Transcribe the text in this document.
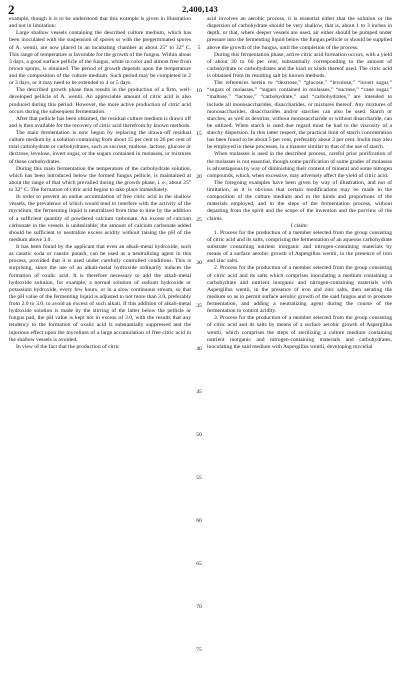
2	2,400,143

example, though it is to be understood that this example is given in illustration and not in limitation:

Large shallow vessels containing the described culture medium, which has been inoculated with the suspension of spores or with the pregerminated spores of A. wentii, are now placed in an incubating chamber at about 25° to 32° C. This range of temperature is favorable for the growth of the fungus. Within about 3 days, a good surface pellicle of the fungus, white in color and almost free from brown spores, is obtained. The period of growth depends upon the temperature and the composition of the culture medium. Such period may be completed in 2 or 3 days, or it may need to be extended to 4 or 5 days.

The described growth phase thus results in the production of a firm, well-developed pellicle of A. wentii. An appreciable amount of citric acid is also produced during this period. However, the more active production of citric acid occurs during the subsequent fermentation.

After that pellicle has been obtained, the residual culture medium is drawn off and is then available for the recovery of citric acid therefrom by known methods.

The main fermentation is now begun by replacing the drawn-off residual culture medium by a solution containing from about 15 per cent to 20 per cent of total carbohydrate or carbohydrates, such as sucrose, maltose, lactose, glucose or dextrose, levulose, invert sugar, or the sugars contained in molasses, or mixtures of these carbohydrates.

During this main fermentation the temperature of the carbohydrate solution, which has been introduced below the formed fungus pellicle, is maintained at about the range of that which prevailed during the growth phase, i. e., about 25° to 32° C. The formation of citric acid begins to take place immediately.

In order to prevent an undue accumulation of free citric acid in the shallow vessels, the prevalence of which would tend to interfere with the activity of the mycelium, the fermenting liquid is neutralized from time to time by the addition of a sufficient quantity of powdered calcium carbonate. An excess of calcium carbonate in the vessels is undesirable; the amount of calcium carbonate added should be sufficient to neutralize excess acidity without raising the pH of the medium above 3.0.

It has been found by the applicant that even an alkali-metal hydroxide, such as caustic soda or caustic potash, can be used as a neutralizing agent in this process, provided that it is used under carefully controlled conditions. This is surprising, since the use of an alkali-metal hydroxide ordinarily induces the formation of oxalic acid. It is therefore necessary to add the alkali-metal hydroxide solution, for example, a normal solution of sodium hydroxide or potassium hydroxide, every few hours, or in a slow continuous stream, so that the pH value of the fermenting liquid is adjusted to not more than 3.0, preferably from 2.0 to 3.0, to avoid an excess of such alkali. If this addition of alkali-metal hydroxide solution is made by the stirring of the latter below the pellicle or fungus pad, the pH value is kept not in excess of 3.0, with the results that any tendency to the formation of oxalic acid is substantially suppressed and the injurious effect upon the mycelium of a large accumulation of free citric acid in the shallow vessels is avoided.

In view of the fact that the production of citric

5
10
15
20
25
30
35
40
45
50
55
60
65
70
75

acid involves an aerobic process, it is essential either that the solution or the dispersion of carbohydrate should be very shallow, that is, about 1 to 3 inches in depth, or that, where deeper vessels are used, air either should be pumped under pressure into the fermenting liquid below the fungus pellicle or should be supplied above the growth of the fungus, until the completion of the process.

During this fermentation phase, active citric acid formation occurs, with a yield of about 30 to 60 per cent, substantially corresponding to the amount of carbohydrate or carbohydrates and the kind or kinds thereof used. The citric acid is obtained from its resulting salt by known methods.

The references herein to “dextrose,” “glucose,” “levulose,” “invert sugar,” “sugars of molasses,” “sugars contained in molasses,” “sucrose,” “cane sugar,” “maltose,” “lactose,” “carbohydrate,” and “carbohydrates,” are intended to include all monosaccharides, disaccharides, or mixtures thereof. Any mixtures of monosaccharides, disaccharides and/or starches can also be used. Starch or starches, as well as dextrins, without monosaccharide or without disaccharide, can be utilized. When starch is used due regard must be had to the viscosity of a starchy dispersion. In this latter respect, the practical limit of starch concentration has been found to be about 5 per cent, preferably about 3 per cent. Inulin may also be employed in these processes, in a manner similar to that of the use of starch.

When molasses is used in the described process, careful prior purification of the molasses is not essential, though some purification of some grades of molasses is advantageous by way of diminishing their content of mineral and some nitrogen compounds, which, when excessive, may adversely affect the yield of citric acid.

The foregoing examples have been given by way of illustration, and not of limitation, as it is obvious that certain modifications may be made in the composition of the culture medium and in the kinds and proportions of the materials employed, and in the steps of the fermentation process, without departing from the spirit and the scope of the invention and the purview of the claims.

I claim:

1. Process for the production of a member selected from the group consisting of citric acid and its salts, comprising the fermentation of an aqueous carbohydrate substrate containing nutrient inorganic and nitrogen-containing materials by means of a surface aerobic growth of Aspergillus wentii, in the presence of iron and zinc salts.

2. Process for the production of a member selected from the group consisting of citric acid and its salts which comprises inoculating a medium containing a carbohydrate and nutrient inorganic and nitrogen-containing materials with Aspergillus wentii, in the presence of iron and zinc salts, then aerating the medium so as to permit surface aerobic growth of the said fungus and to promote fermentation, and adding a neutralizing agent during the course of the fermentation to control acidity.

3. Process for the production of a member selected from the group consisting of citric acid and its salts by means of a surface aerobic growth of Aspergillus wentii, which comprises the steps of sterilizing a culture medium containing nutrient inorganic and nitrogen-containing materials and carbohydrates, inoculating the said medium with Aspergillus wentii, developing mycelial
